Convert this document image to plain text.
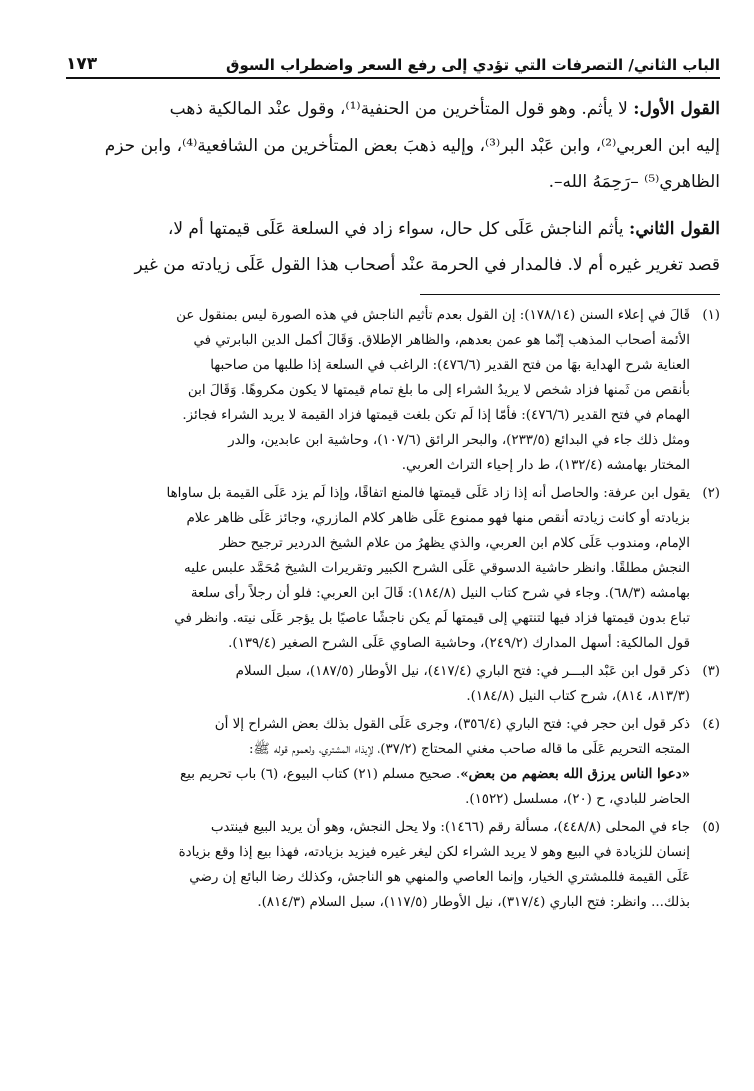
الباب الثاني/ التصرفات التي تؤدي إلى رفع السعر واضطراب السوق
١٧٣

القول الأول: لا يأثم. وهو قول المتأخرين من الحنفية⁽¹⁾، وقول عنْد المالكية ذهب
إليه ابن العربي⁽²⁾، وابن عَبْد البر⁽³⁾، وإليه ذهبَ بعض المتأخرين من الشافعية⁽⁴⁾، وابن حزم
الظاهري⁽⁵⁾ –رَحِمَهُ الله–.

القول الثاني: يأثم الناجش عَلَى كل حال، سواء زاد في السلعة عَلَى قيمتها أم لا،
قصد تغرير غيره أم لا. فالمدار في الحرمة عنْد أصحاب هذا القول عَلَى زيادته من غير

(١)
قَالَ في إعلاء السنن (١٧٨/١٤): إن القول بعدم تأثيم الناجش في هذه الصورة ليس بمنقول عن
الأئمة أصحاب المذهب إنّما هو عمن بعدهم، والظاهر الإطلاق. وَقَالَ أكمل الدين البابرتي في
العناية شرح الهداية بهَا من فتح القدير (٤٧٦/٦): الراغب في السلعة إذا طلبها من صاحبها
بأنقص من ثَمنها فزاد شخص لا يريدُ الشراء إلى ما بلغ تمام قيمتها لا يكون مكروهًا. وَقَالَ ابن
الهمام في فتح القدير (٤٧٦/٦): فأمّا إذا لَم تكن بلغت قيمتها فزاد القيمة لا يريد الشراء فجائز.
ومثل ذلك جاء في البدائع (٢٣٣/٥)، والبحر الرائق (١٠٧/٦)، وحاشية ابن عابدين، والدر
المختار بهامشه (١٣٢/٤)، ط دار إحياء التراث العربي.
(٢)
يقول ابن عرفة: والحاصل أنه إذا زاد عَلَى قيمتها فالمنع اتفاقًا، وإذا لَم يزد عَلَى القيمة بل ساواها
بزيادته أو كانت زيادته أنقص منها فهو ممنوع عَلَى ظاهر كلام المازري، وجائز عَلَى ظاهر علام
الإمام، ومندوب عَلَى كلام ابن العربي، والذي يظهرُ من علام الشيخ الدردير ترجيح حظر
النجش مطلقًا. وانظر حاشية الدسوقي عَلَى الشرح الكبير وتقريرات الشيخ مُحَمَّد علبس عليه
بهامشه (٦٨/٣). وجاء في شرح كتاب النيل (١٨٤/٨): قَالَ ابن العربي: فلو أن رجلاً رأى سلعة
تباع بدون قيمتها فزاد فيها لتنتهي إلى قيمتها لَم يكن ناجشًا عاصيًا بل يؤجر عَلَى نيته. وانظر في
قول المالكية: أسهل المدارك (٢٤٩/٢)، وحاشية الصاوي عَلَى الشرح الصغير (١٣٩/٤).
(٣)
ذكر قول ابن عَبْد البـــر في: فتح الباري (٤١٧/٤)، نيل الأوطار (١٨٧/٥)، سبل السلام
(٨١٣/٣، ٨١٤)، شرح كتاب النيل (١٨٤/٨).
(٤)
ذكر قول ابن حجر في: فتح الباري (٣٥٦/٤)، وجرى عَلَى القول بذلك بعض الشراح إلا أن
المتجه التحريم عَلَى ما قاله صاحب مغني المحتاج (٣٧/٢)، لإيذاء المشتري، ولعموم قوله ﷺ:
«دعوا الناس يرزق الله بعضهم من بعض». صحيح مسلم (٢١) كتاب البيوع، (٦) باب تحريم بيع
الحاضر للبادي، ح (٢٠)، مسلسل (١٥٢٢).
(٥)
جاء في المحلى (٤٤٨/٨)، مسألة رقم (١٤٦٦): ولا يحل النجش، وهو أن يريد البيع فينتدب
إنسان للزيادة في البيع وهو لا يريد الشراء لكن ليغر غيره فيزيد بزيادته، فهذا بيع إذا وقع بزيادة
عَلَى القيمة فللمشتري الخيار، وإنما العاصي والمنهي هو الناجش، وكذلك رضا البائع إن رضي
بذلك... وانظر: فتح الباري (٣١٧/٤)، نيل الأوطار (١١٧/٥)، سبل السلام (٨١٤/٣).
